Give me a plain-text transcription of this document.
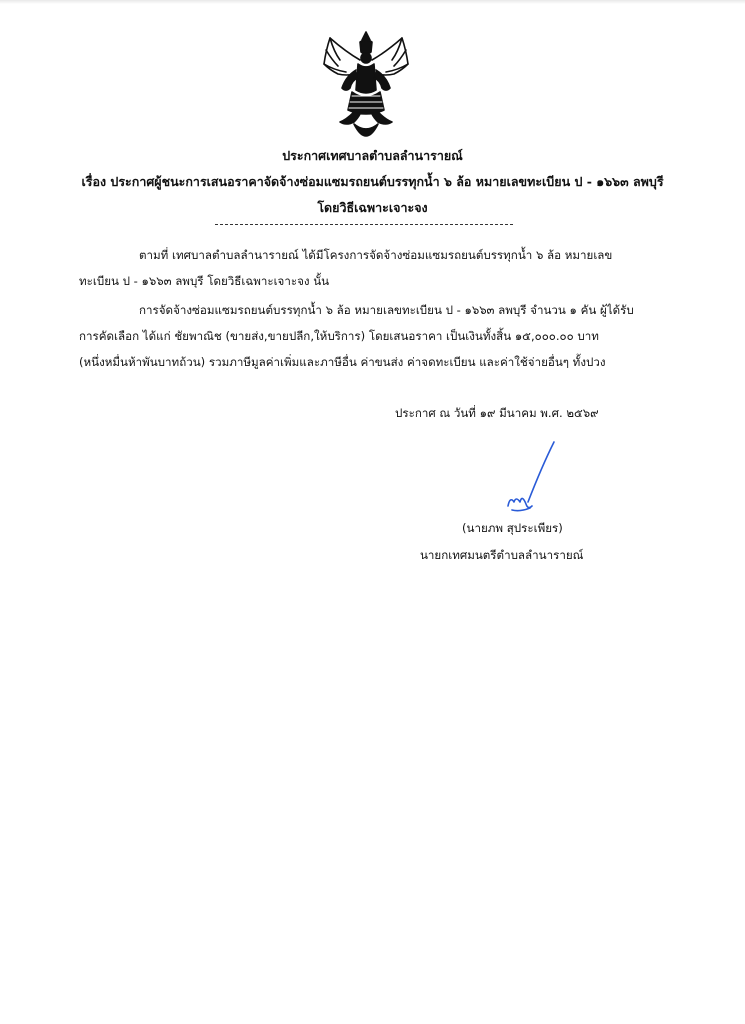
ประกาศเทศบาลตำบลลำนารายณ์
เรื่อง ประกาศผู้ชนะการเสนอราคาจัดจ้างซ่อมแซมรถยนต์บรรทุกน้ำ ๖ ล้อ หมายเลขทะเบียน ป - ๑๖๖๓ ลพบุรี
โดยวิธีเฉพาะเจาะจง
ตามที่ เทศบาลตำบลลำนารายณ์ ได้มีโครงการจัดจ้างซ่อมแซมรถยนต์บรรทุกน้ำ ๖ ล้อ หมายเลข
ทะเบียน ป - ๑๖๖๓ ลพบุรี โดยวิธีเฉพาะเจาะจง นั้น
การจัดจ้างซ่อมแซมรถยนต์บรรทุกน้ำ ๖ ล้อ หมายเลขทะเบียน ป - ๑๖๖๓ ลพบุรี จำนวน ๑ คัน ผู้ได้รับ
การคัดเลือก ได้แก่ ชัยพาณิช (ขายส่ง,ขายปลีก,ให้บริการ) โดยเสนอราคา เป็นเงินทั้งสิ้น ๑๕,๐๐๐.๐๐ บาท
(หนึ่งหมื่นห้าพันบาทถ้วน) รวมภาษีมูลค่าเพิ่มและภาษีอื่น ค่าขนส่ง ค่าจดทะเบียน และค่าใช้จ่ายอื่นๆ ทั้งปวง
ประกาศ ณ วันที่ ๑๙ มีนาคม พ.ศ. ๒๕๖๙
(นายภพ สุประเพียร)
นายกเทศมนตรีตำบลลำนารายณ์
